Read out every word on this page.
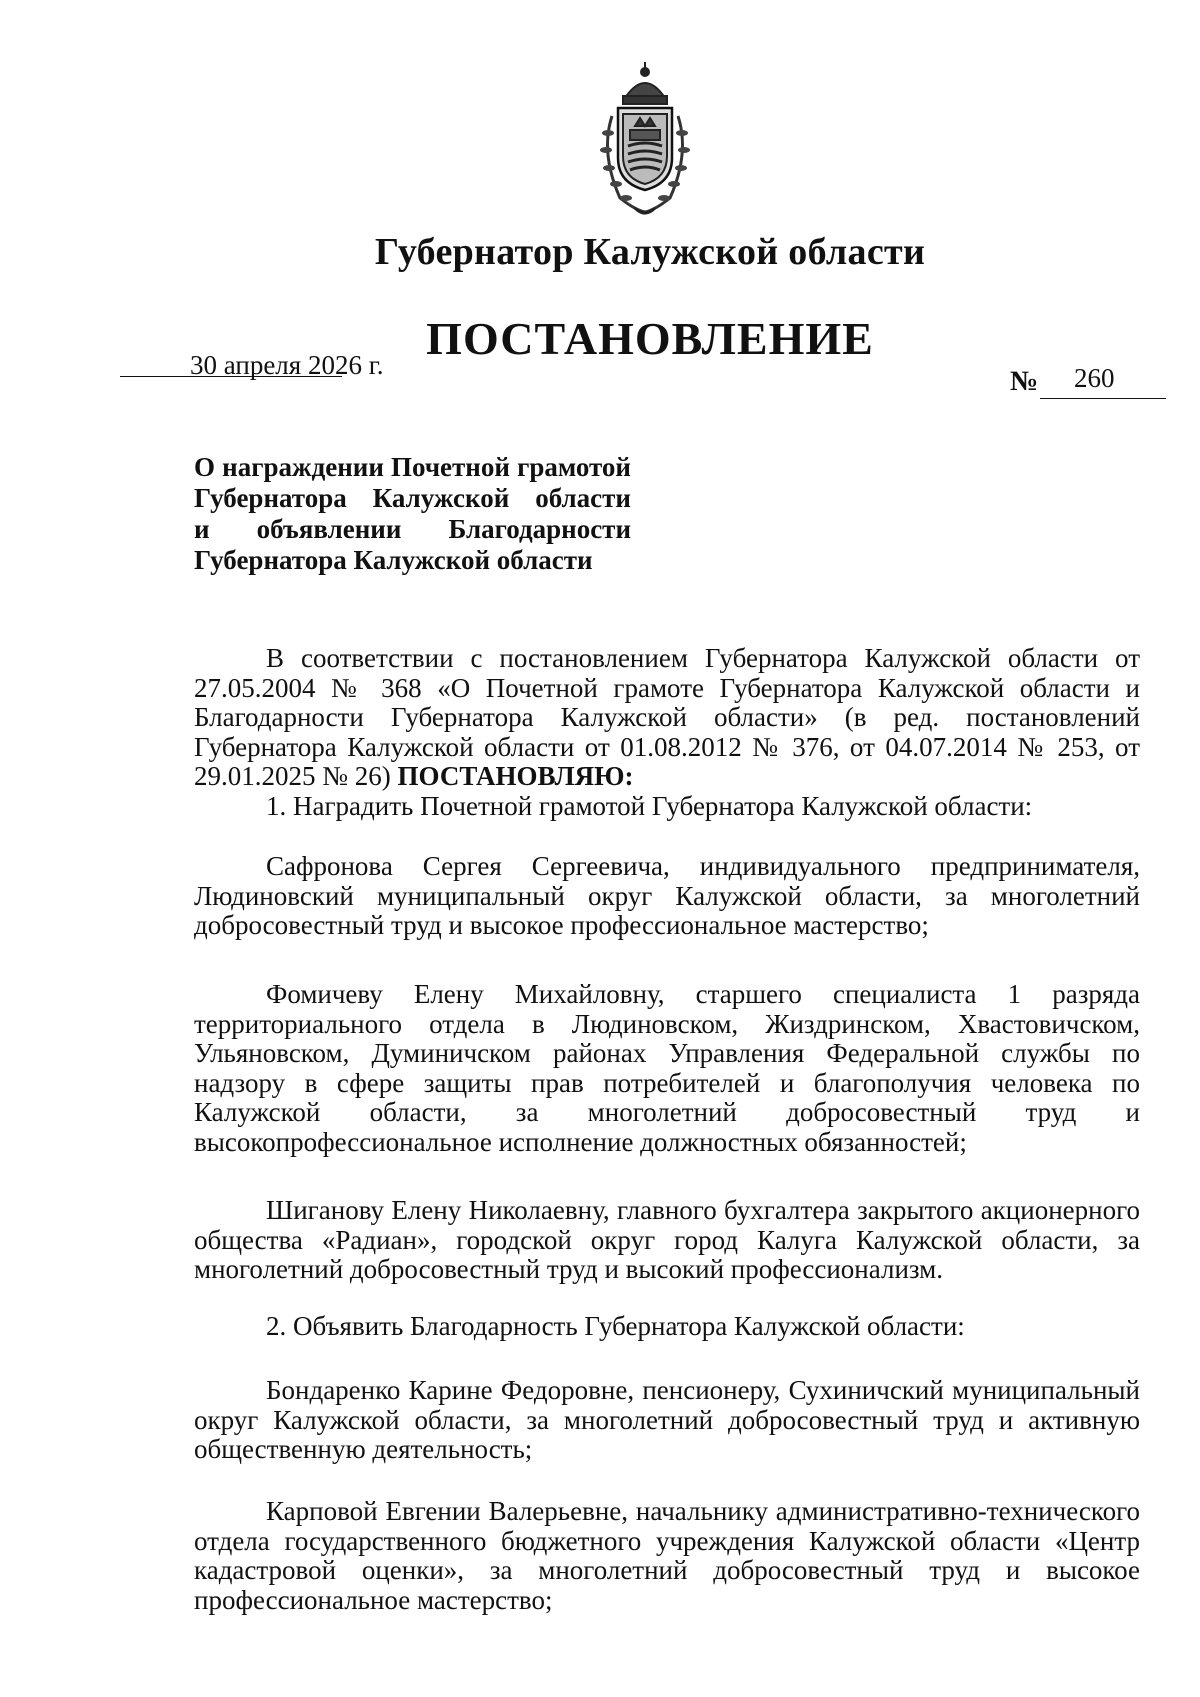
Губернатор Калужской области
ПОСТАНОВЛЕНИЕ
30 апреля 2026 г.
№ 260
О награждении Почетной грамотой
Губернатора Калужской области
и объявлении Благодарности
Губернатора Калужской области

В соответствии с постановлением Губернатора Калужской области от 27.05.2004 № 368 «О Почетной грамоте Губернатора Калужской области и Благодарности Губернатора Калужской области» (в ред. постановлений Губернатора Калужской области от 01.08.2012 № 376, от 04.07.2014 № 253, от 29.01.2025 № 26) ПОСТАНОВЛЯЮ:

1. Наградить Почетной грамотой Губернатора Калужской области:

Сафронова Сергея Сергеевича, индивидуального предпринимателя, Людиновский муниципальный округ Калужской области, за многолетний добросовестный труд и высокое профессиональное мастерство;

Фомичеву Елену Михайловну, старшего специалиста 1 разряда территориального отдела в Людиновском, Жиздринском, Хвастовичском, Ульяновском, Думиничском районах Управления Федеральной службы по надзору в сфере защиты прав потребителей и благополучия человека по Калужской области, за многолетний добросовестный труд и высокопрофессиональное исполнение должностных обязанностей;

Шиганову Елену Николаевну, главного бухгалтера закрытого акционерного общества «Радиан», городской округ город Калуга Калужской области, за многолетний добросовестный труд и высокий профессионализм.

2. Объявить Благодарность Губернатора Калужской области:

Бондаренко Карине Федоровне, пенсионеру, Сухиничский муниципальный округ Калужской области, за многолетний добросовестный труд и активную общественную деятельность;

Карповой Евгении Валерьевне, начальнику административно-технического отдела государственного бюджетного учреждения Калужской области «Центр кадастровой оценки», за многолетний добросовестный труд и высокое профессиональное мастерство;
